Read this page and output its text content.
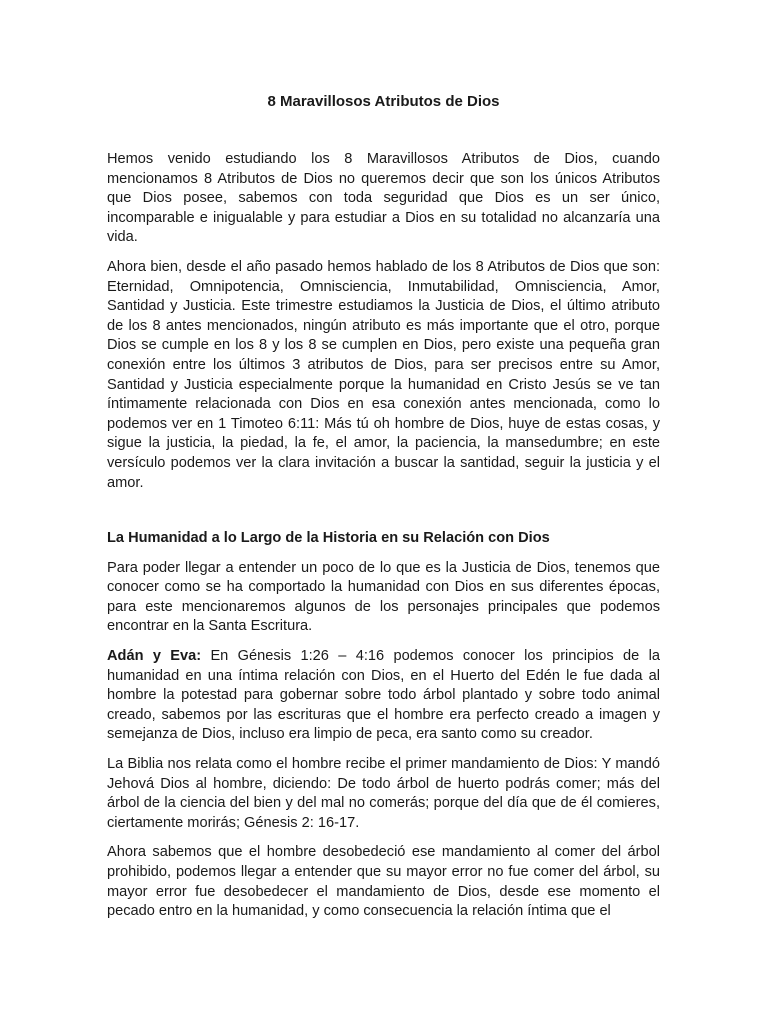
8 Maravillosos Atributos de Dios

Hemos venido estudiando los 8 Maravillosos Atributos de Dios, cuando mencionamos 8 Atributos de Dios no queremos decir que son los únicos Atributos que Dios posee, sabemos con toda seguridad que Dios es un ser único, incomparable e inigualable y para estudiar a Dios en su totalidad no alcanzaría una vida.

Ahora bien, desde el año pasado hemos hablado de los 8 Atributos de Dios que son: Eternidad, Omnipotencia, Omnisciencia, Inmutabilidad, Omnisciencia, Amor, Santidad y Justicia. Este trimestre estudiamos la Justicia de Dios, el último atributo de los 8 antes mencionados, ningún atributo es más importante que el otro, porque Dios se cumple en los 8 y los 8 se cumplen en Dios, pero existe una pequeña gran conexión entre los últimos 3 atributos de Dios, para ser precisos entre su Amor, Santidad y Justicia especialmente porque la humanidad en Cristo Jesús se ve tan íntimamente relacionada con Dios en esa conexión antes mencionada, como lo podemos ver en 1 Timoteo 6:11: Más tú oh hombre de Dios, huye de estas cosas, y sigue la justicia, la piedad, la fe, el amor, la paciencia, la mansedumbre; en este versículo podemos ver la clara invitación a buscar la santidad, seguir la justicia y el amor.

La Humanidad a lo Largo de la Historia en su Relación con Dios

Para poder llegar a entender un poco de lo que es la Justicia de Dios, tenemos que conocer como se ha comportado la humanidad con Dios en sus diferentes épocas, para este mencionaremos algunos de los personajes principales que podemos encontrar en la Santa Escritura.

Adán y Eva: En Génesis 1:26 – 4:16 podemos conocer los principios de la humanidad en una íntima relación con Dios, en el Huerto del Edén le fue dada al hombre la potestad para gobernar sobre todo árbol plantado y sobre todo animal creado, sabemos por las escrituras que el hombre era perfecto creado a imagen y semejanza de Dios, incluso era limpio de peca, era santo como su creador.

La Biblia nos relata como el hombre recibe el primer mandamiento de Dios: Y mandó Jehová Dios al hombre, diciendo: De todo árbol de huerto podrás comer; más del árbol de la ciencia del bien y del mal no comerás; porque del día que de él comieres, ciertamente morirás; Génesis 2: 16-17.

Ahora sabemos que el hombre desobedeció ese mandamiento al comer del árbol prohibido, podemos llegar a entender que su mayor error no fue comer del árbol, su mayor error fue desobedecer el mandamiento de Dios, desde ese momento el pecado entro en la humanidad, y como consecuencia la relación íntima que el
